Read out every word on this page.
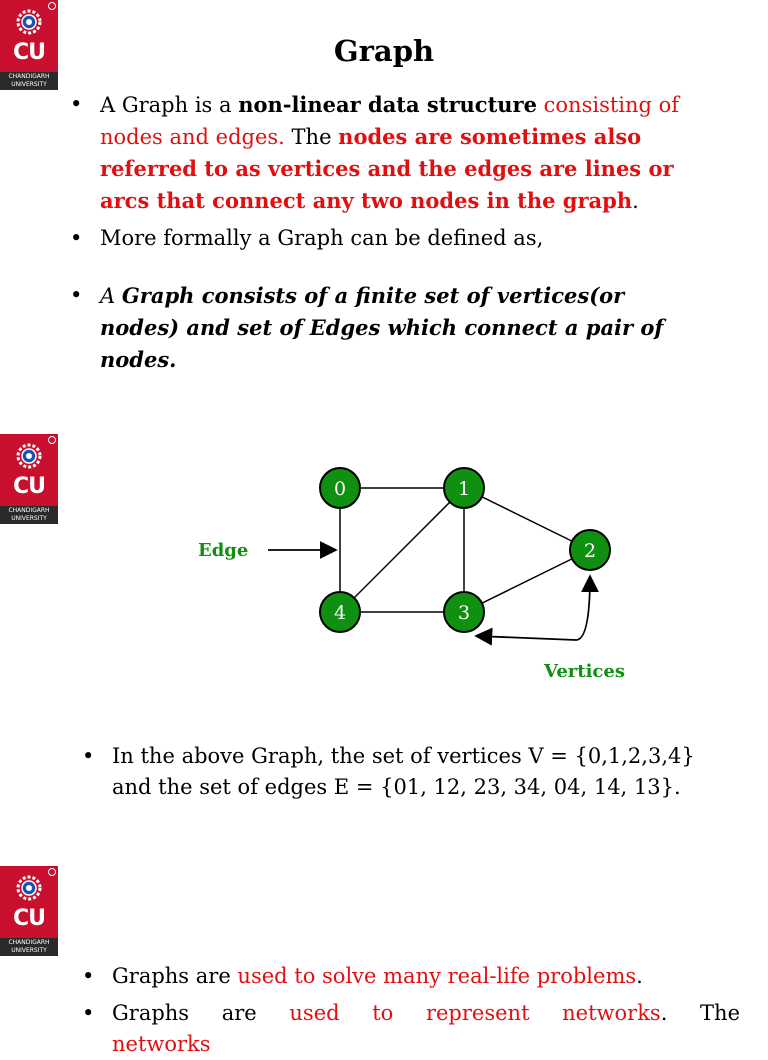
CU
CHANDIGARH
UNIVERSITY
Graph
• A Graph is a non-linear data structure consisting of nodes and edges. The nodes are sometimes also referred to as vertices and the edges are lines or arcs that connect any two nodes in the graph.
• More formally a Graph can be defined as,
• A Graph consists of a finite set of vertices(or nodes) and set of Edges which connect a pair of nodes.
CU
CHANDIGARH
UNIVERSITY
Edge
Vertices
0	1
2
3
4
• In the above Graph, the set of vertices V = {0,1,2,3,4} and the set of edges E = {01, 12, 23, 34, 04, 14, 13}.
CU
CHANDIGARH
UNIVERSITY
• Graphs are used to solve many real-life problems.
• Graphs are used to represent networks. The networks
